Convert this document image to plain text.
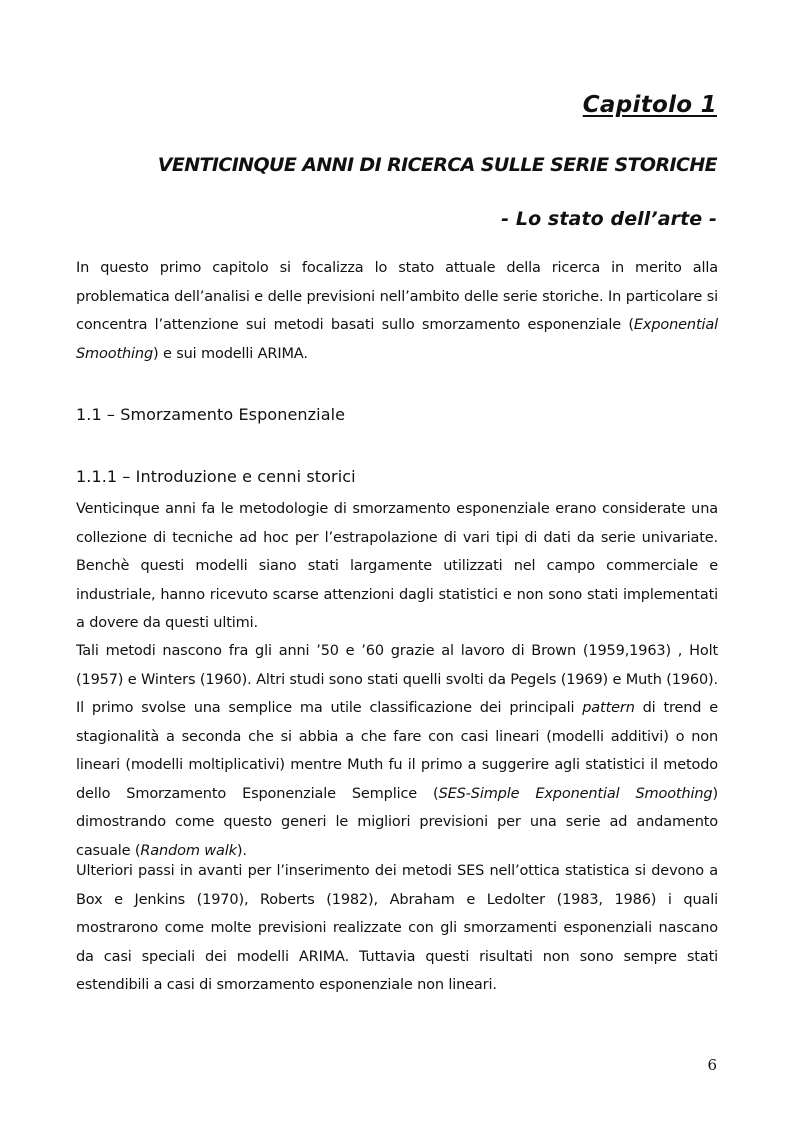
Capitolo 1
VENTICINQUE ANNI DI RICERCA SULLE SERIE STORICHE
- Lo stato dell’arte -

In questo primo capitolo si focalizza lo stato attuale della ricerca in merito alla problematica dell’analisi e delle previsioni nell’ambito delle serie storiche. In particolare si concentra l’attenzione sui metodi basati sullo smorzamento esponenziale (Exponential Smoothing) e sui modelli ARIMA.

1.1 – Smorzamento Esponenziale
1.1.1 – Introduzione e cenni storici

Venticinque anni fa le metodologie di smorzamento esponenziale erano considerate una collezione di tecniche ad hoc per l’estrapolazione di vari tipi di dati da serie univariate. Benchè questi modelli siano stati largamente utilizzati nel campo commerciale e industriale, hanno ricevuto scarse attenzioni dagli statistici e non sono stati implementati a dovere da questi ultimi.

Tali metodi nascono fra gli anni ’50 e ’60 grazie al lavoro di Brown (1959,1963) , Holt (1957) e Winters (1960). Altri studi sono stati quelli svolti da Pegels (1969) e Muth (1960). Il primo svolse una semplice ma utile classificazione dei principali pattern di trend e stagionalità a seconda che si abbia a che fare con casi lineari (modelli additivi) o non lineari (modelli moltiplicativi) mentre Muth fu il primo a suggerire agli statistici il metodo dello Smorzamento Esponenziale Semplice (SES-Simple Exponential Smoothing) dimostrando come questo generi le migliori previsioni per una serie ad andamento casuale (Random walk).

Ulteriori passi in avanti per l’inserimento dei metodi SES nell’ottica statistica si devono a Box e Jenkins (1970), Roberts (1982), Abraham e Ledolter (1983, 1986) i quali mostrarono come molte previsioni realizzate con gli smorzamenti esponenziali nascano da casi speciali dei modelli ARIMA. Tuttavia questi risultati non sono sempre stati estendibili a casi di smorzamento esponenziale non lineari.

6
